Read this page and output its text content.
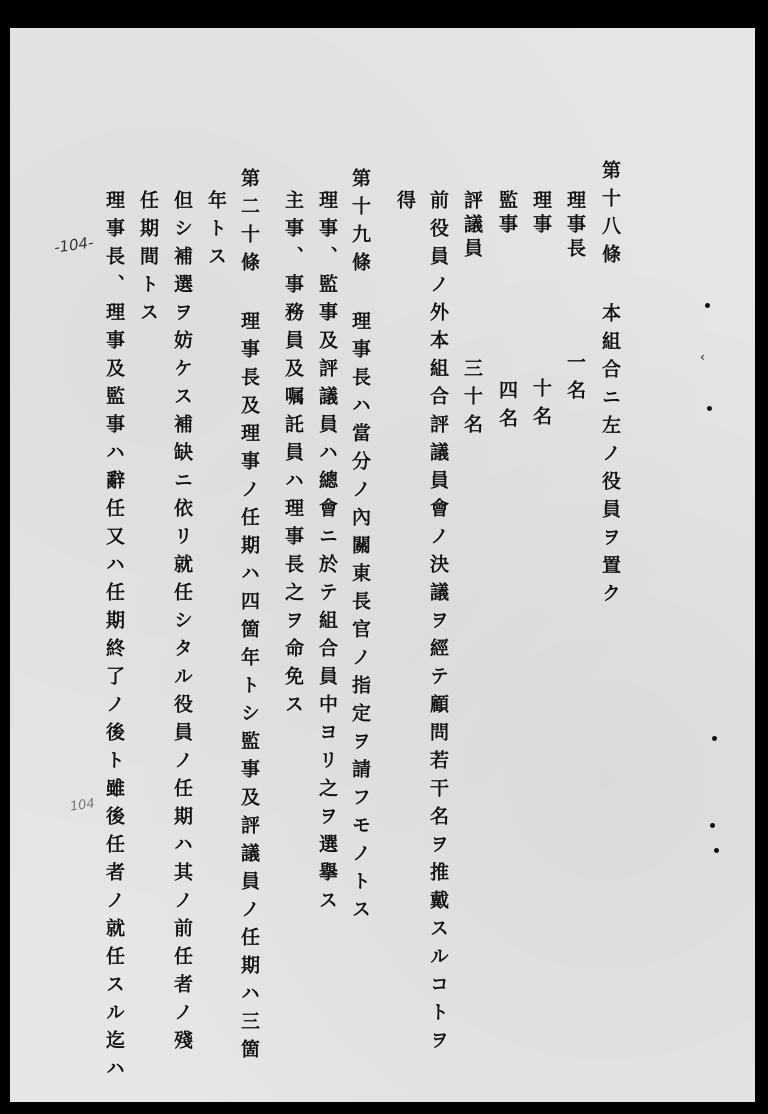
-104-
104
第十八條 本組合ニ左ノ役員ヲ置ク
理事長一名
理事十名
監事四名
評議員三十名
前役員ノ外本組合評議員會ノ決議ヲ經テ顧問若干名ヲ推戴スルコトヲ
得
第十九條 理事長ハ當分ノ內關東長官ノ指定ヲ請フモノトス
理事、監事及評議員ハ總會ニ於テ組合員中ヨリ之ヲ選擧ス
主事、事務員及嘱託員ハ理事長之ヲ命免ス
第二十條 理事長及理事ノ任期ハ四箇年トシ監事及評議員ノ任期ハ三箇
年トス
但シ補選ヲ妨ケス補缺ニ依リ就任シタル役員ノ任期ハ其ノ前任者ノ殘
任期間トス
理事長、理事及監事ハ辭任又ハ任期終了ノ後ト雖後任者ノ就任スル迄ハ	‹
